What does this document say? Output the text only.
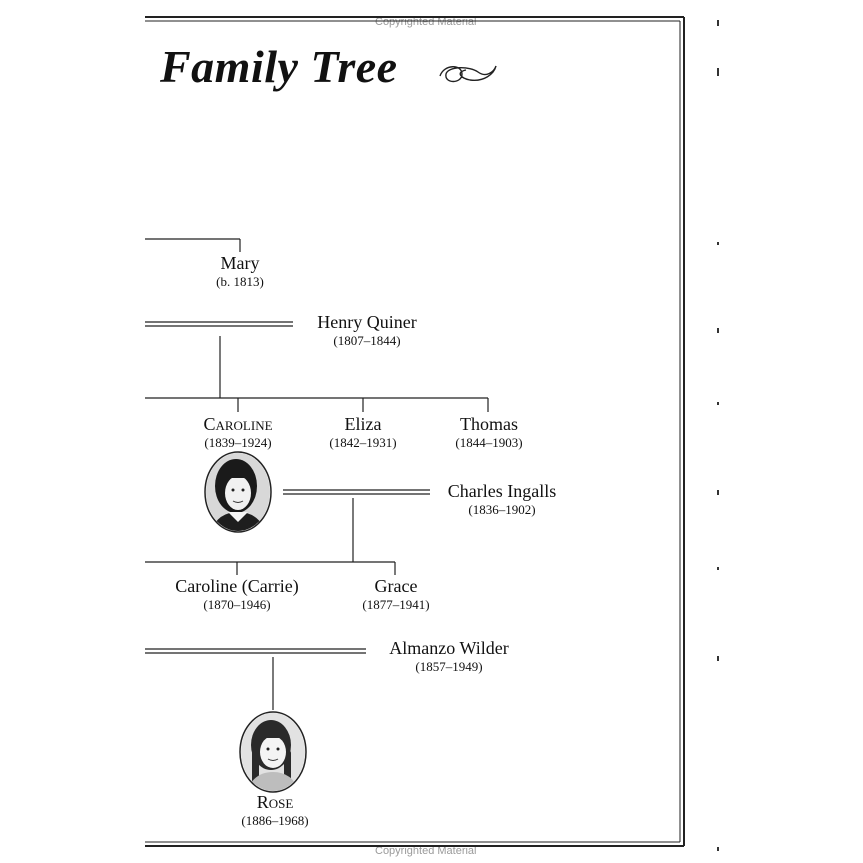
Copyrighted Material
Copyrighted Material
Family Tree
Mary
(b. 1813)
Henry Quiner
(1807–1844)
Caroline
(1839–1924)
Eliza
(1842–1931)
Thomas
(1844–1903)
Charles Ingalls
(1836–1902)
Caroline (Carrie)
(1870–1946)
Grace
(1877–1941)
Almanzo Wilder
(1857–1949)
Rose
(1886–1968)
